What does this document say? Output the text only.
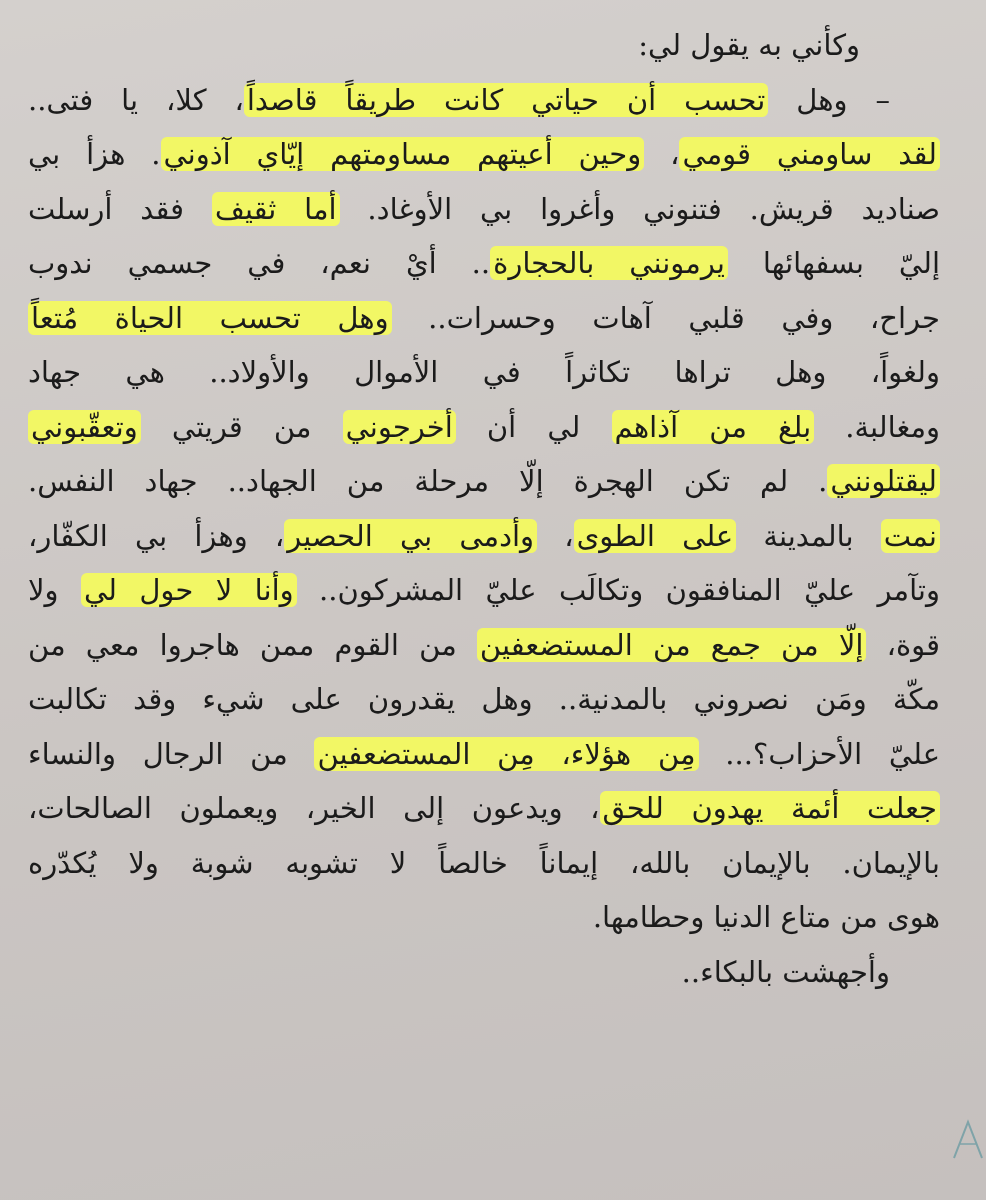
وكأني به يقول لي:
– وهل تحسب أن حياتي كانت طريقاً قاصداً، كلا، يا فتى..
لقد ساومني قومي، وحين أعيتهم مساومتهم إيّاي آذوني. هزأ بي
صناديد قريش. فتنوني وأغروا بي الأوغاد. أما ثقيف فقد أرسلت
إليّ بسفهائها يرمونني بالحجارة.. أيْ نعم، في جسمي ندوب
جراح، وفي قلبي آهات وحسرات.. وهل تحسب الحياة مُتعاً
ولغواً، وهل تراها تكاثراً في الأموال والأولاد.. هي جهاد
ومغالبة. بلغ من آذاهم لي أن أخرجوني من قريتي وتعقّبوني
ليقتلونني. لم تكن الهجرة إلّا مرحلة من الجهاد.. جهاد النفس.
نمت بالمدينة على الطوى، وأدمى بي الحصير، وهزأ بي الكفّار،
وتآمر عليّ المنافقون وتكالَب عليّ المشركون.. وأنا لا حول لي ولا
قوة، إلّا من جمع من المستضعفين من القوم ممن هاجروا معي من
مكّة ومَن نصروني بالمدنية.. وهل يقدرون على شيء وقد تكالبت
عليّ الأحزاب؟... مِن هؤلاء، مِن المستضعفين من الرجال والنساء
جعلت أئمة يهدون للحق، ويدعون إلى الخير، ويعملون الصالحات،
بالإيمان. بالإيمان بالله، إيماناً خالصاً لا تشوبه شوبة ولا يُكدّره
هوى من متاع الدنيا وحطامها.
وأجهشت بالبكاء..
